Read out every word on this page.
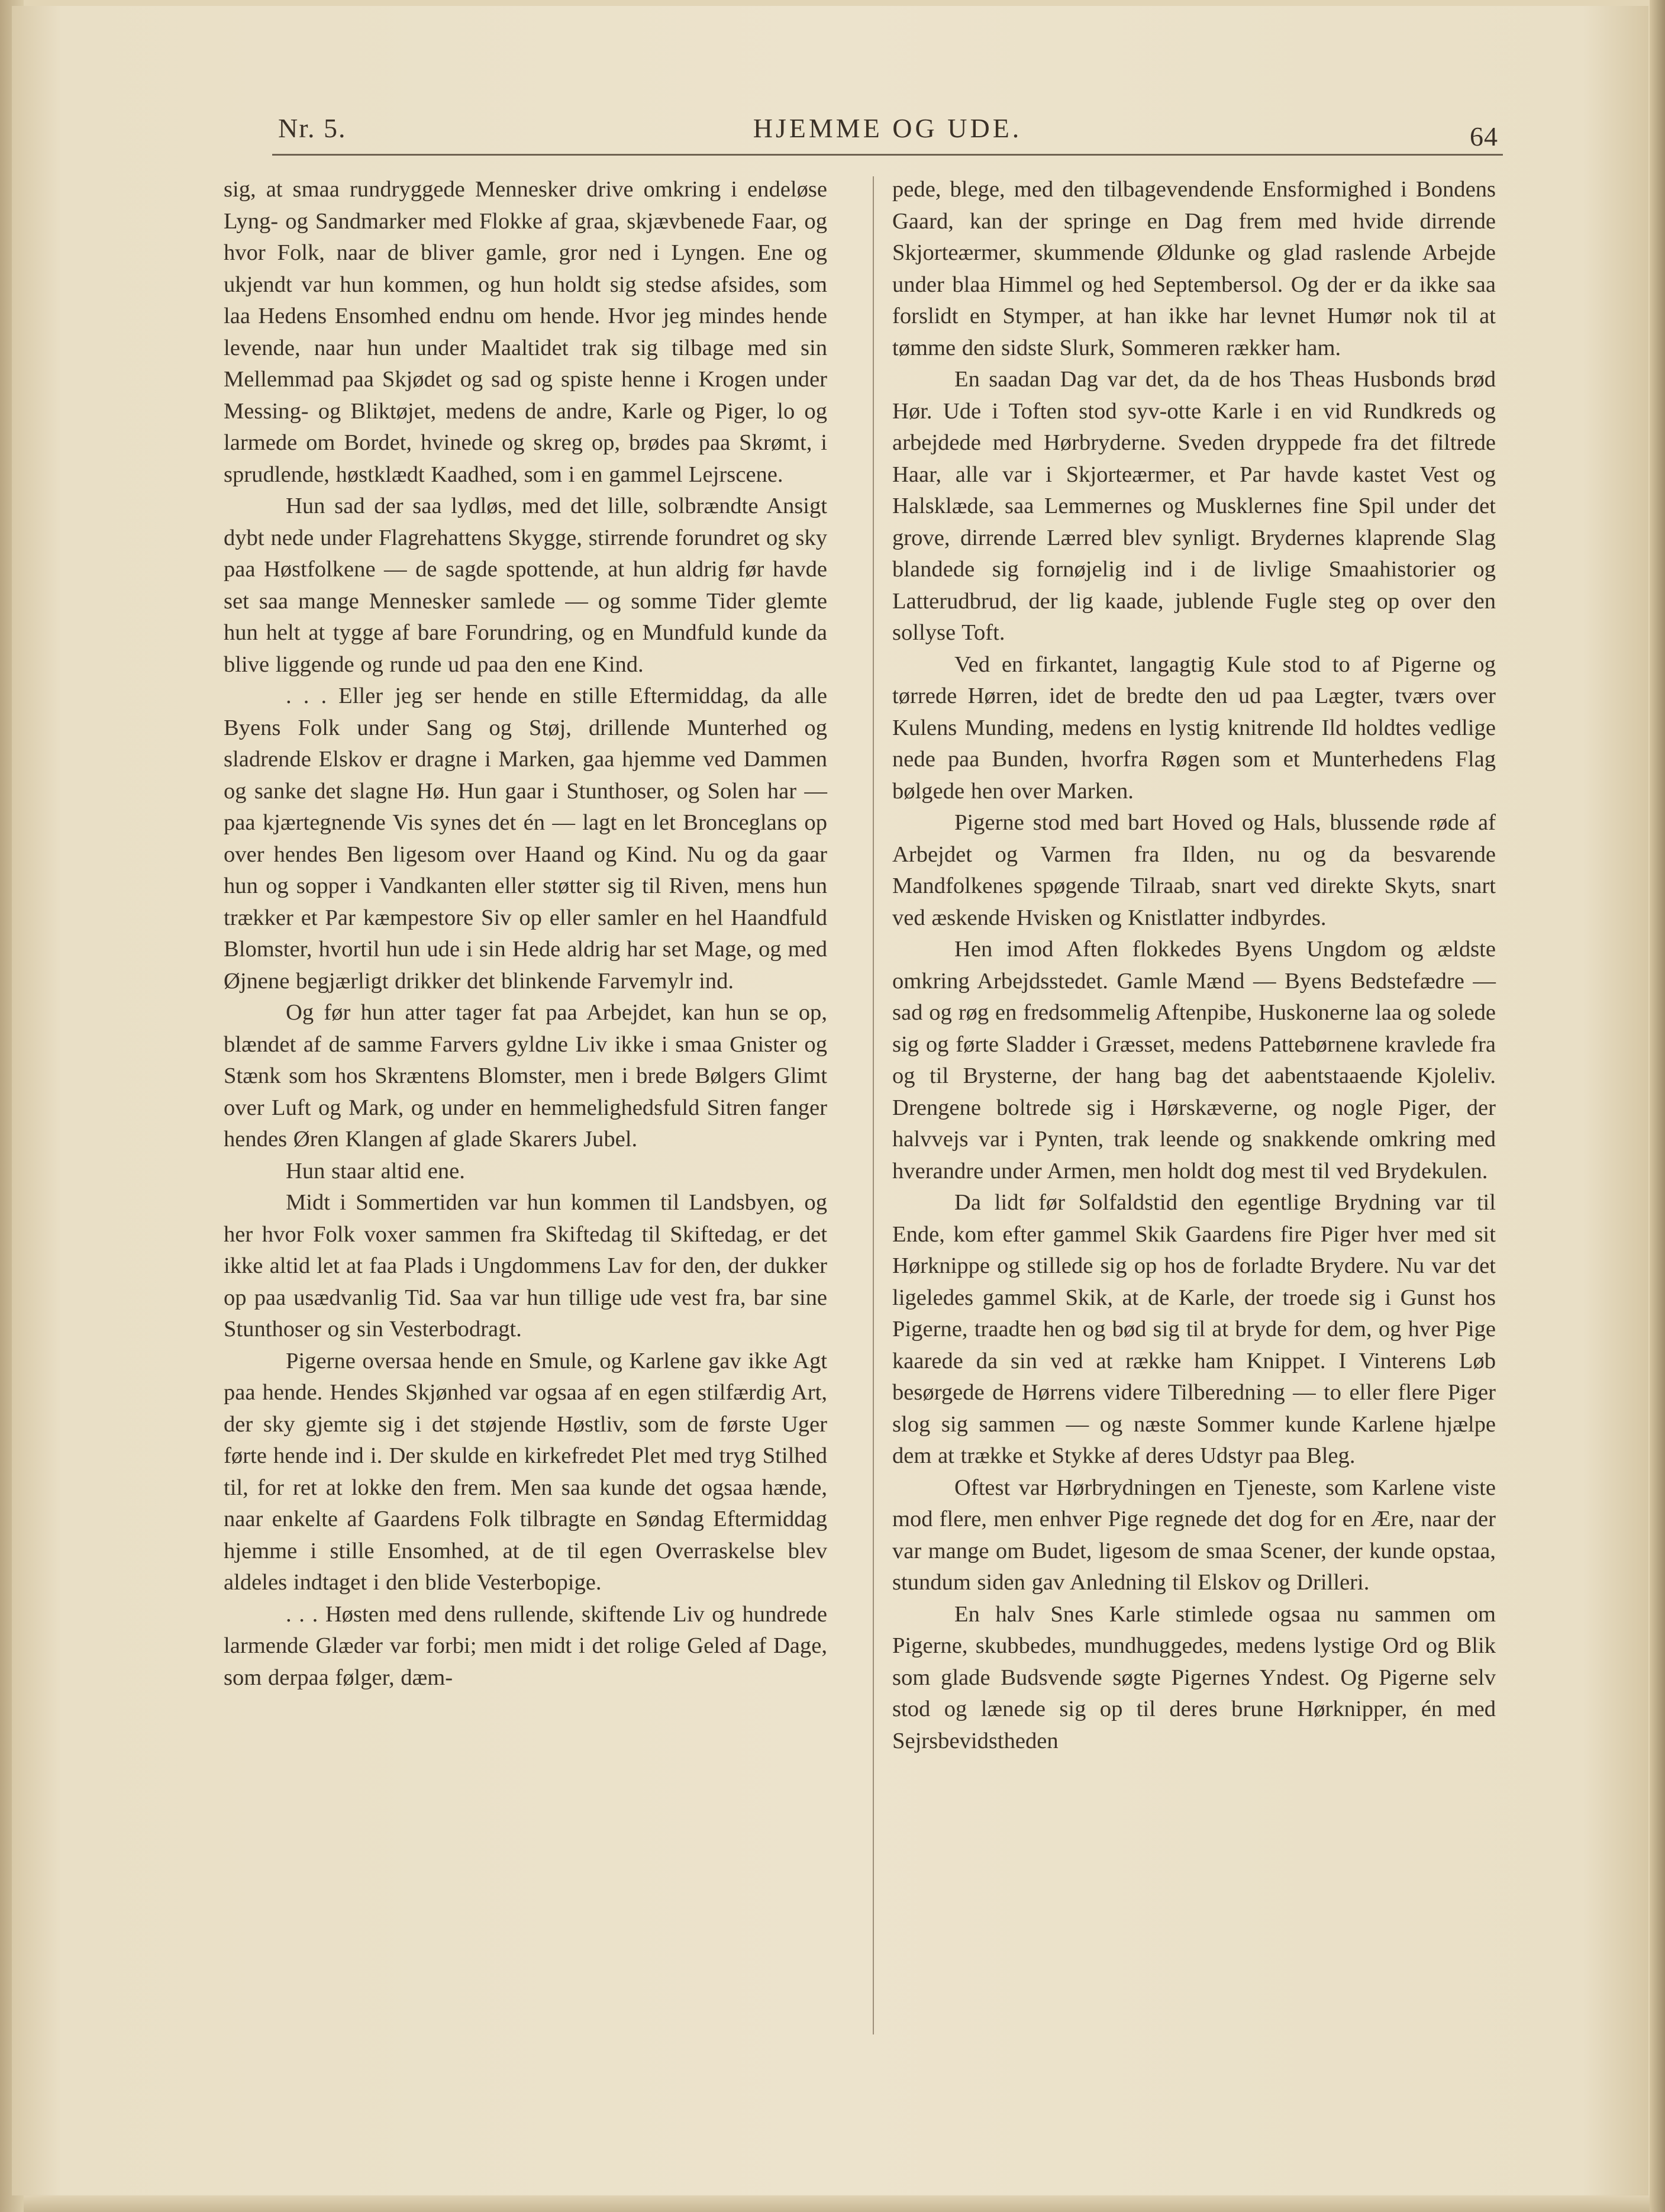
Nr. 5.	HJEMME OG UDE.	64

sig, at smaa rundryggede Mennesker drive omkring i endeløse Lyng- og Sandmarker med Flokke af graa, skjævbenede Faar, og hvor Folk, naar de bliver gamle, gror ned i Lyngen. Ene og ukjendt var hun kommen, og hun holdt sig stedse afsides, som laa Hedens Ensomhed endnu om hende. Hvor jeg mindes hende levende, naar hun under Maaltidet trak sig tilbage med sin Mellemmad paa Skjødet og sad og spiste henne i Krogen under Messing- og Bliktøjet, medens de andre, Karle og Piger, lo og larmede om Bordet, hvinede og skreg op, brødes paa Skrømt, i sprudlende, høstklædt Kaadhed, som i en gammel Lejrscene.

Hun sad der saa lydløs, med det lille, solbrændte Ansigt dybt nede under Flagrehattens Skygge, stirrende forundret og sky paa Høstfolkene — de sagde spottende, at hun aldrig før havde set saa mange Mennesker samlede — og somme Tider glemte hun helt at tygge af bare Forundring, og en Mundfuld kunde da blive liggende og runde ud paa den ene Kind.

. . . Eller jeg ser hende en stille Eftermiddag, da alle Byens Folk under Sang og Støj, drillende Munterhed og sladrende Elskov er dragne i Marken, gaa hjemme ved Dammen og sanke det slagne Hø. Hun gaar i Stunthoser, og Solen har — paa kjærtegnende Vis synes det én — lagt en let Bronceglans op over hendes Ben ligesom over Haand og Kind. Nu og da gaar hun og sopper i Vandkanten eller støtter sig til Riven, mens hun trækker et Par kæmpestore Siv op eller samler en hel Haandfuld Blomster, hvortil hun ude i sin Hede aldrig har set Mage, og med Øjnene begjærligt drikker det blinkende Farvemylr ind.

Og før hun atter tager fat paa Arbejdet, kan hun se op, blændet af de samme Farvers gyldne Liv ikke i smaa Gnister og Stænk som hos Skræntens Blomster, men i brede Bølgers Glimt over Luft og Mark, og under en hemmelighedsfuld Sitren fanger hendes Øren Klangen af glade Skarers Jubel.

Hun staar altid ene.

Midt i Sommertiden var hun kommen til Landsbyen, og her hvor Folk voxer sammen fra Skiftedag til Skiftedag, er det ikke altid let at faa Plads i Ungdommens Lav for den, der dukker op paa usædvanlig Tid. Saa var hun tillige ude vest fra, bar sine Stunthoser og sin Vesterbodragt.

Pigerne oversaa hende en Smule, og Karlene gav ikke Agt paa hende. Hendes Skjønhed var ogsaa af en egen stilfærdig Art, der sky gjemte sig i det støjende Høstliv, som de første Uger førte hende ind i. Der skulde en kirkefredet Plet med tryg Stilhed til, for ret at lokke den frem. Men saa kunde det ogsaa hænde, naar enkelte af Gaardens Folk tilbragte en Søndag Eftermiddag hjemme i stille Ensomhed, at de til egen Overraskelse blev aldeles indtaget i den blide Vesterbopige.

. . . Høsten med dens rullende, skiftende Liv og hundrede larmende Glæder var forbi; men midt i det rolige Geled af Dage, som derpaa følger, dæm-

pede, blege, med den tilbagevendende Ensformighed i Bondens Gaard, kan der springe en Dag frem med hvide dirrende Skjorteærmer, skummende Øldunke og glad raslende Arbejde under blaa Himmel og hed Septembersol. Og der er da ikke saa forslidt en Stymper, at han ikke har levnet Humør nok til at tømme den sidste Slurk, Sommeren rækker ham.

En saadan Dag var det, da de hos Theas Husbonds brød Hør. Ude i Toften stod syv-otte Karle i en vid Rundkreds og arbejdede med Hørbryderne. Sveden dryppede fra det filtrede Haar, alle var i Skjorteærmer, et Par havde kastet Vest og Halsklæde, saa Lemmernes og Musklernes fine Spil under det grove, dirrende Lærred blev synligt. Brydernes klaprende Slag blandede sig fornøjelig ind i de livlige Smaahistorier og Latterudbrud, der lig kaade, jublende Fugle steg op over den sollyse Toft.

Ved en firkantet, langagtig Kule stod to af Pigerne og tørrede Hørren, idet de bredte den ud paa Lægter, tværs over Kulens Munding, medens en lystig knitrende Ild holdtes vedlige nede paa Bunden, hvorfra Røgen som et Munterhedens Flag bølgede hen over Marken.

Pigerne stod med bart Hoved og Hals, blussende røde af Arbejdet og Varmen fra Ilden, nu og da besvarende Mandfolkenes spøgende Tilraab, snart ved direkte Skyts, snart ved æskende Hvisken og Knistlatter indbyrdes.

Hen imod Aften flokkedes Byens Ungdom og ældste omkring Arbejdsstedet. Gamle Mænd — Byens Bedstefædre — sad og røg en fredsommelig Aftenpibe, Huskonerne laa og solede sig og førte Sladder i Græsset, medens Pattebørnene kravlede fra og til Brysterne, der hang bag det aabentstaaende Kjoleliv. Drengene boltrede sig i Hørskæverne, og nogle Piger, der halvvejs var i Pynten, trak leende og snakkende omkring med hverandre under Armen, men holdt dog mest til ved Brydekulen.

Da lidt før Solfaldstid den egentlige Brydning var til Ende, kom efter gammel Skik Gaardens fire Piger hver med sit Hørknippe og stillede sig op hos de forladte Brydere. Nu var det ligeledes gammel Skik, at de Karle, der troede sig i Gunst hos Pigerne, traadte hen og bød sig til at bryde for dem, og hver Pige kaarede da sin ved at række ham Knippet. I Vinterens Løb besørgede de Hørrens videre Tilberedning — to eller flere Piger slog sig sammen — og næste Sommer kunde Karlene hjælpe dem at trække et Stykke af deres Udstyr paa Bleg.

Oftest var Hørbrydningen en Tjeneste, som Karlene viste mod flere, men enhver Pige regnede det dog for en Ære, naar der var mange om Budet, ligesom de smaa Scener, der kunde opstaa, stundum siden gav Anledning til Elskov og Drilleri.

En halv Snes Karle stimlede ogsaa nu sammen om Pigerne, skubbedes, mundhuggedes, medens lystige Ord og Blik som glade Budsvende søgte Pigernes Yndest. Og Pigerne selv stod og lænede sig op til deres brune Hørknipper, én med Sejrsbevidstheden
